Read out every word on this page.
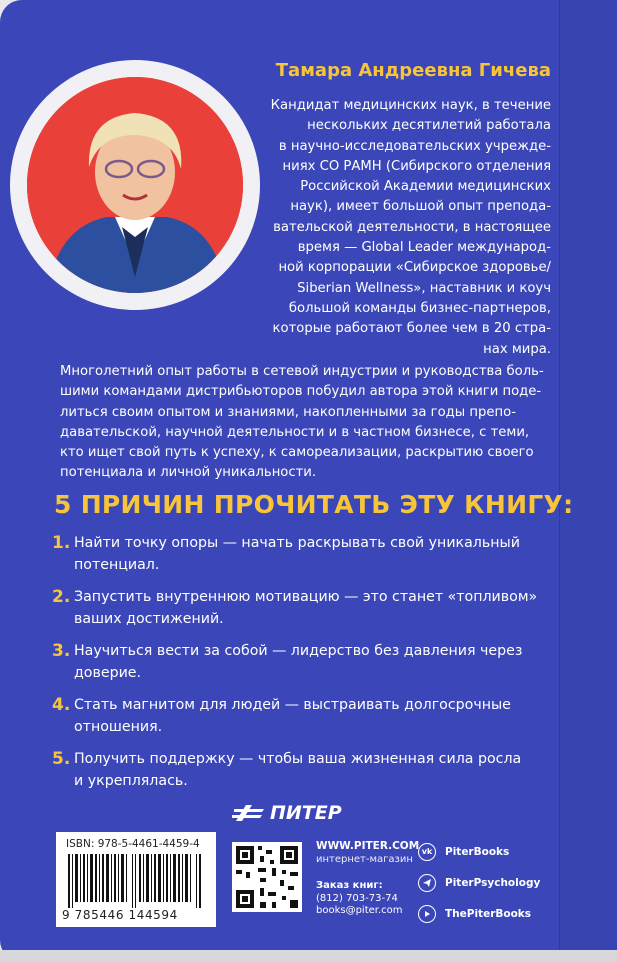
Тамара Андреевна Гичева
Кандидат медицинских наук, в течение
нескольких десятилетий работала
в научно-исследовательских учрежде-
ниях СО РАМН (Сибирского отделения
Российской Академии медицинских
наук), имеет большой опыт препода-
вательской деятельности, в настоящее
время — Global Leader международ-
ной корпорации «Сибирское здоровье/
Siberian Wellness», наставник и коуч
большой команды бизнес-партнеров,
которые работают более чем в 20 стра-
нах мира.
Многолетний опыт работы в сетевой индустрии и руководства боль-
шими командами дистрибьюторов побудил автора этой книги поде-
литься своим опытом и знаниями, накопленными за годы препо-
давательской, научной деятельности и в частном бизнесе, с теми,
кто ищет свой путь к успеху, к самореализации, раскрытию своего
потенциала и личной уникальности.
5 ПРИЧИН ПРОЧИТАТЬ ЭТУ КНИГУ:
1. Найти точку опоры — начать раскрывать свой уникальный
потенциал.
2. Запустить внутреннюю мотивацию — это станет «топливом»
ваших достижений.
3. Научиться вести за собой — лидерство без давления через
доверие.
4. Стать магнитом для людей — выстраивать долгосрочные
отношения.
5. Получить поддержку — чтобы ваша жизненная сила росла
и укреплялась.
ПИТЕР
ISBN: 978-5-4461-4459-4
9 785446 144594
WWW.PITER.COM
интернет-магазин
Заказ книг:
(812) 703-73-74
books@piter.com
vk	PiterBooks
PiterPsychology
ThePiterBooks
